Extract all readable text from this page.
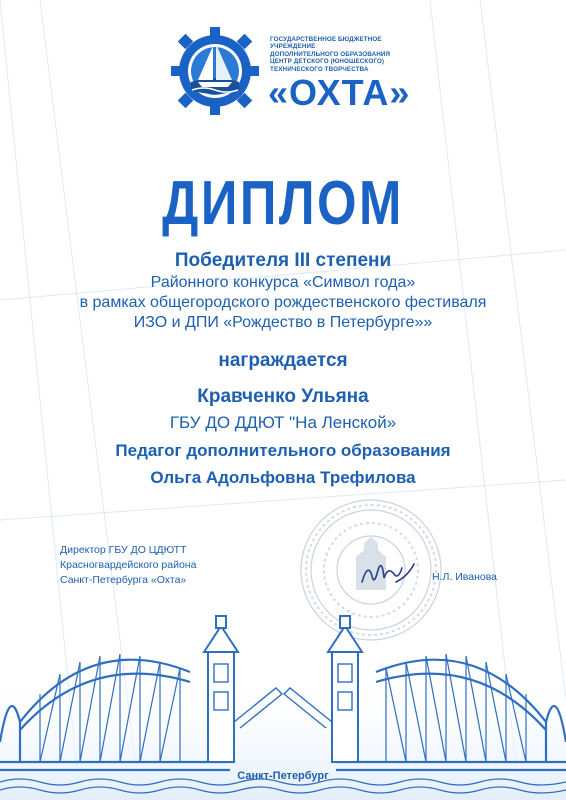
ГОСУДАРСТВЕННОЕ БЮДЖЕТНОЕ УЧРЕЖДЕНИЕ
ДОПОЛНИТЕЛЬНОГО ОБРАЗОВАНИЯ
ЦЕНТР ДЕТСКОГО (ЮНОШЕСКОГО)
ТЕХНИЧЕСКОГО ТВОРЧЕСТВА
«ОХТА»
ДИПЛОМ
Победителя III степени
Районного конкурса «Символ года»
в рамках общегородского рождественского фестиваля
ИЗО и ДПИ «Рождество в Петербурге»»
награждается
Кравченко Ульяна
ГБУ ДО ДДЮТ "На Ленской»
Педагог дополнительного образования
Ольга Адольфовна Трефилова
Директор ГБУ ДО ЦДЮТТ
Красногвардейского района
Санкт-Петербурга «Охта»	Н.Л. Иванова
Санкт-Петербург
